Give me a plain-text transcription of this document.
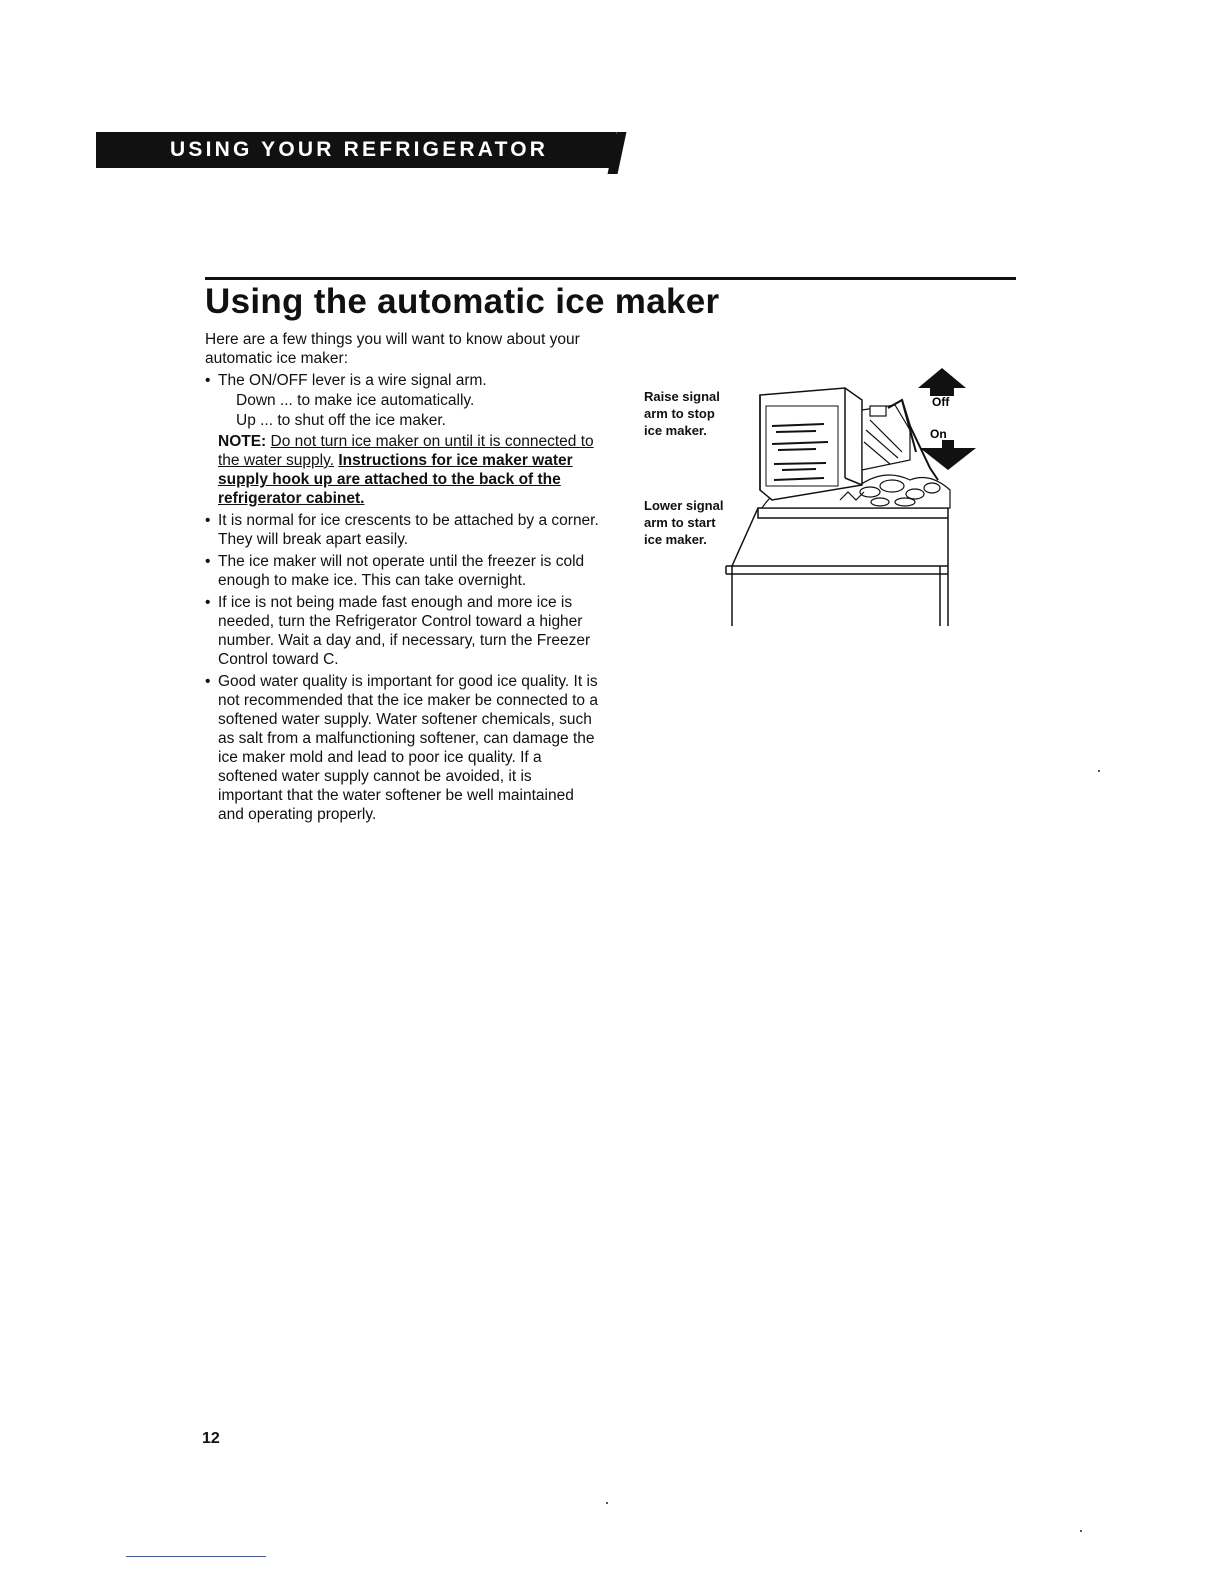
USING YOUR REFRIGERATOR
Using the automatic ice maker

Here are a few things you will want to know about your automatic ice maker:

• The ON/OFF lever is a wire signal arm.
Down ... to make ice automatically.
Up ... to shut off the ice maker.
NOTE: Do not turn ice maker on until it is connected to the water supply. Instructions for ice maker water supply hook up are attached to the back of the refrigerator cabinet.
• It is normal for ice crescents to be attached by a corner. They will break apart easily.
• The ice maker will not operate until the freezer is cold enough to make ice. This can take overnight.
• If ice is not being made fast enough and more ice is needed, turn the Refrigerator Control toward a higher number. Wait a day and, if necessary, turn the Freezer Control toward C.
• Good water quality is important for good ice quality. It is not recommended that the ice maker be connected to a softened water supply. Water softener chemicals, such as salt from a malfunctioning softener, can damage the ice maker mold and lead to poor ice quality. If a softened water supply cannot be avoided, it is important that the water softener be well maintained and operating properly.
Raise signal arm to stop ice maker.
Lower signal arm to start ice maker.
Off
On
12
